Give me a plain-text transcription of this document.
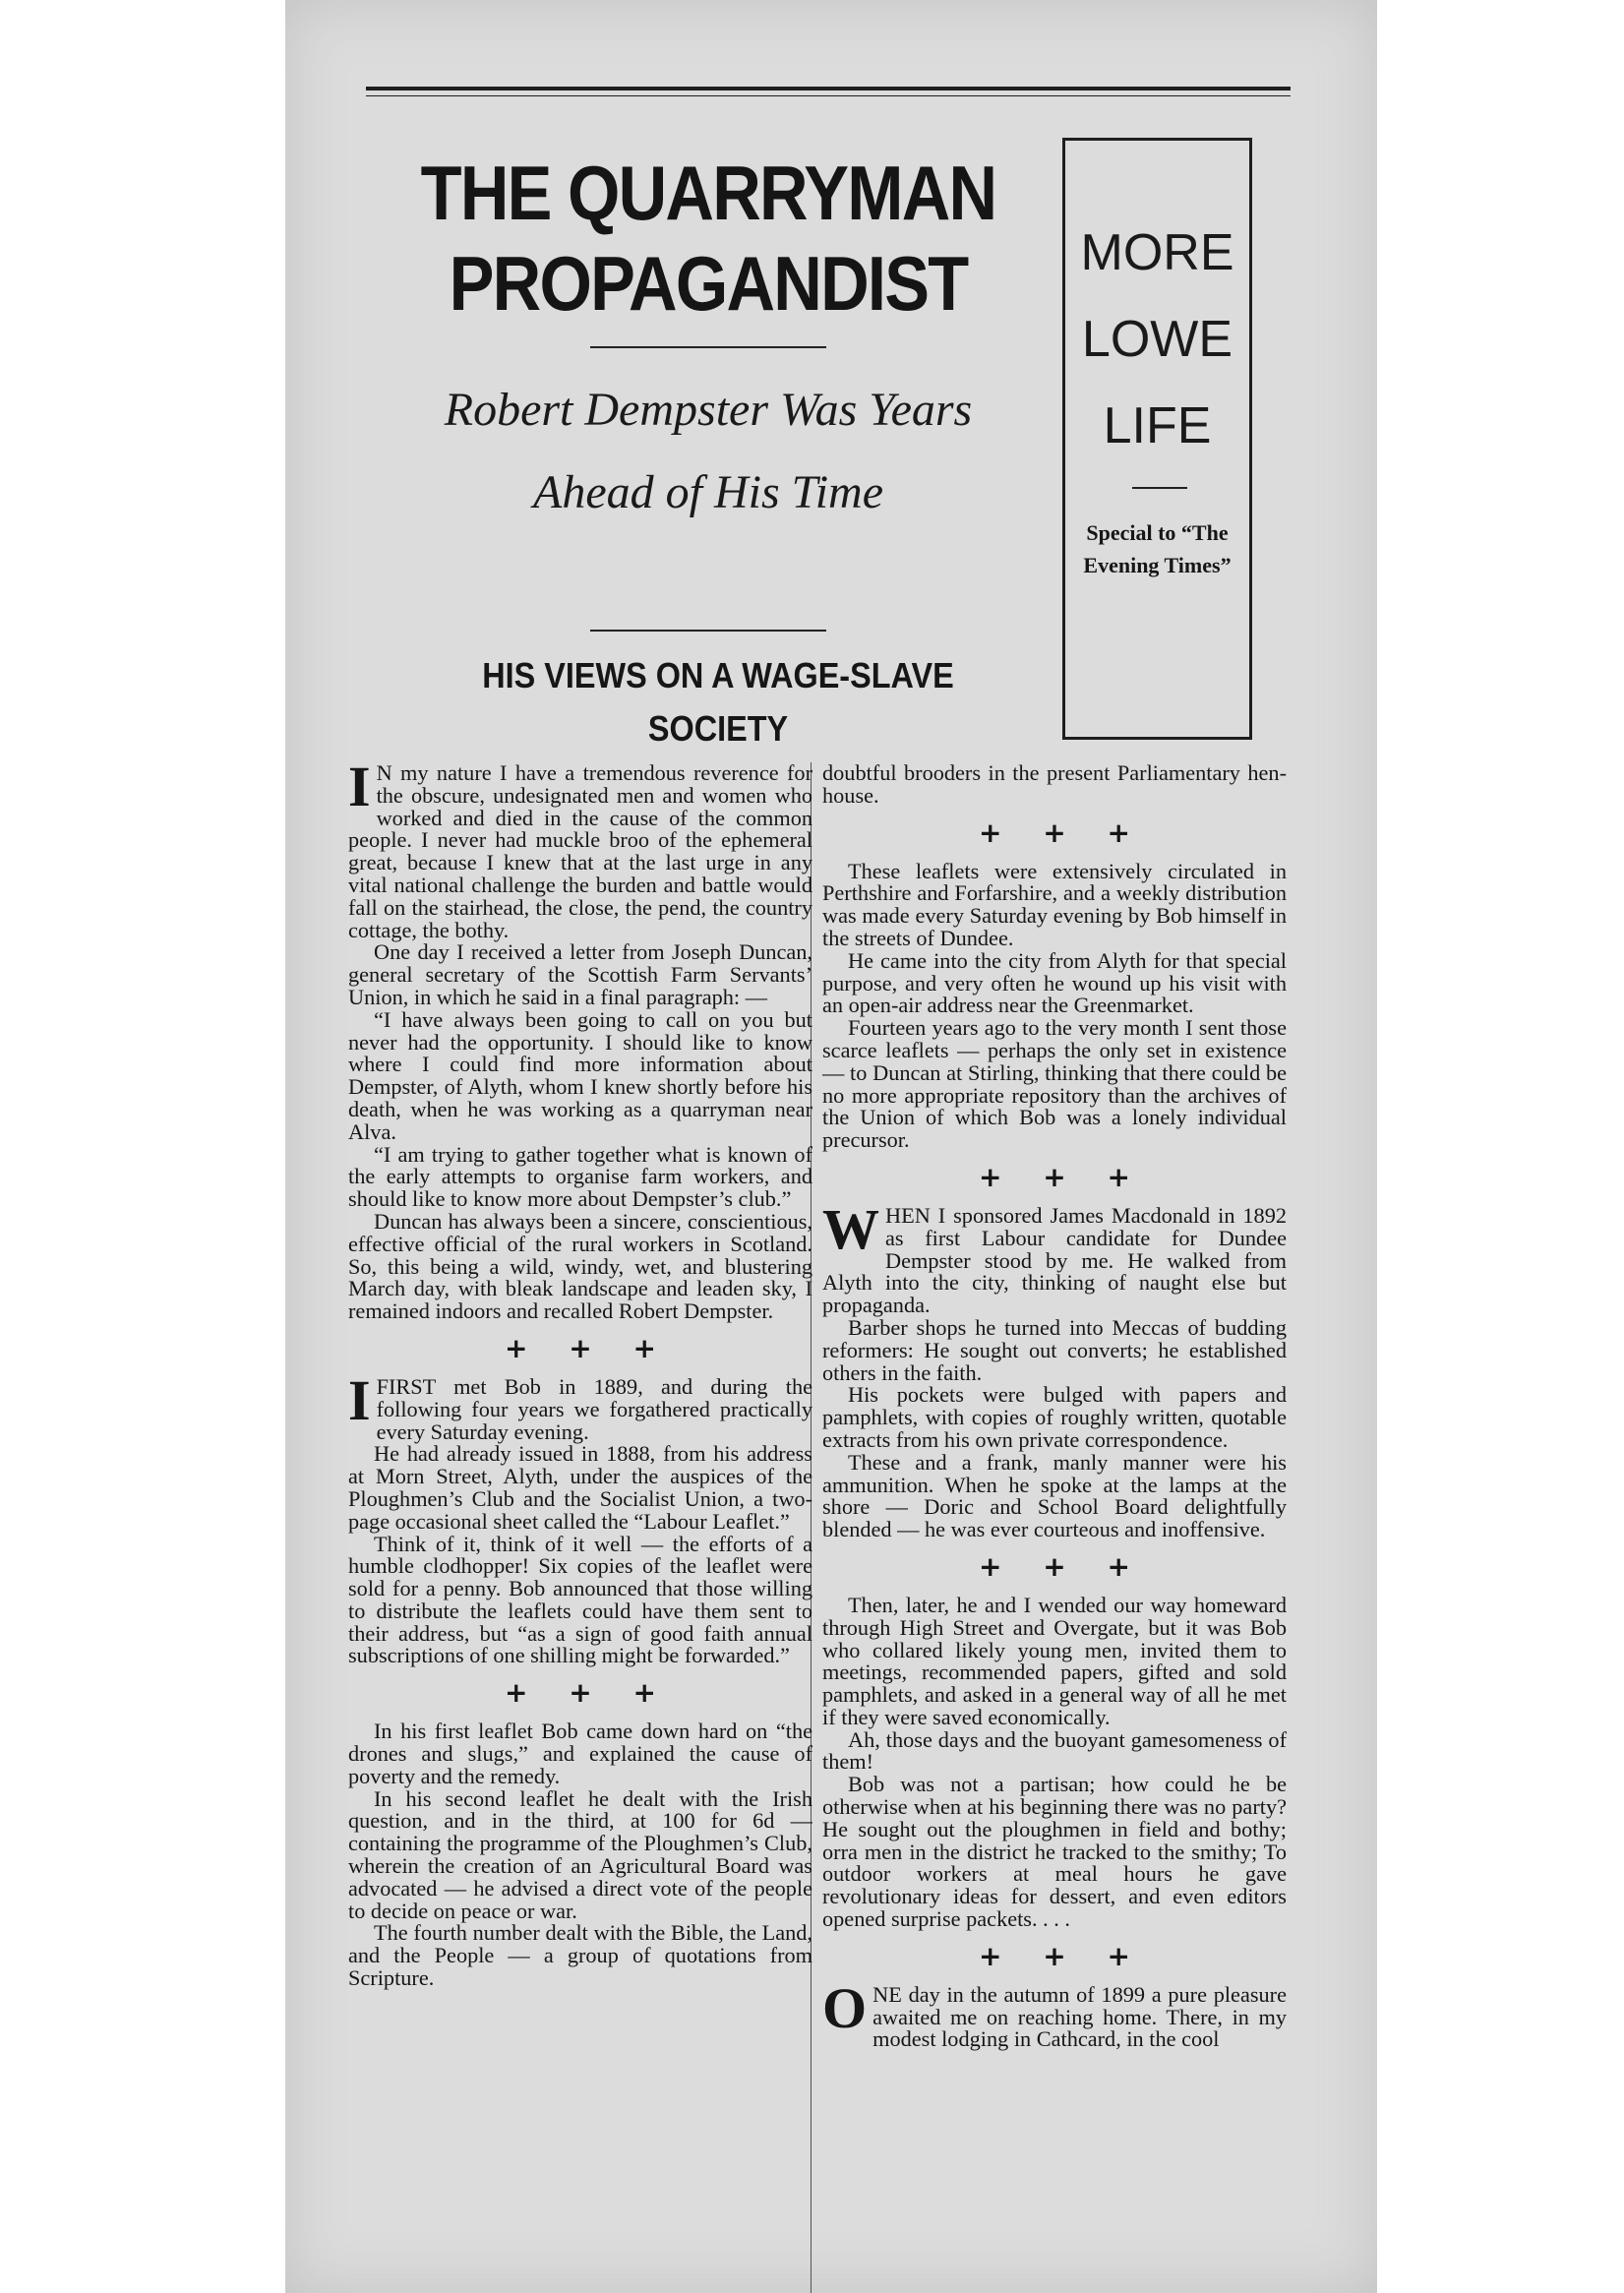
THE QUARRYMAN PROPAGANDIST
Robert Dempster Was Years Ahead of His Time
HIS VIEWS ON A WAGE-SLAVE SOCIETY
MORE LOWE LIFE
Special to “The Evening Times”

I N my nature I have a tremendous reverence for the obscure, undesignated men and women who worked and died in the cause of the common people. I never had muckle broo of the ephemeral great, because I knew that at the last urge in any vital national challenge the burden and battle would fall on the stairhead, the close, the pend, the country cottage, the bothy.

One day I received a letter from Joseph Duncan, general secretary of the Scottish Farm Servants’ Union, in which he said in a final paragraph: —

“I have always been going to call on you but never had the opportunity. I should like to know where I could find more information about Dempster, of Alyth, whom I knew shortly before his death, when he was working as a quarryman near Alva.

“I am trying to gather together what is known of the early attempts to organise farm workers, and should like to know more about Dempster’s club.”

Duncan has always been a sincere, conscientious, effective official of the rural workers in Scotland. So, this being a wild, windy, wet, and blustering March day, with bleak landscape and leaden sky, I remained indoors and recalled Robert Dempster.

+ + +

IFIRST met Bob in 1889, and during the following four years we forgathered practically every Saturday evening.

He had already issued in 1888, from his address at Morn Street, Alyth, under the auspices of the Ploughmen’s Club and the Socialist Union, a two-page occasional sheet called the “Labour Leaflet.”

Think of it, think of it well — the efforts of a humble clodhopper! Six copies of the leaflet were sold for a penny. Bob announced that those willing to distribute the leaflets could have them sent to their address, but “as a sign of good faith annual subscriptions of one shilling might be forwarded.”

+ + +

In his first leaflet Bob came down hard on “the drones and slugs,” and explained the cause of poverty and the remedy.

In his second leaflet he dealt with the Irish question, and in the third, at 100 for 6d — containing the programme of the Ploughmen’s Club, wherein the creation of an Agricultural Board was advocated — he advised a direct vote of the people to decide on peace or war.

The fourth number dealt with the Bible, the Land, and the People — a group of quotations from Scripture.

doubtful brooders in the present Parliamentary hen-house.

+ + +

These leaflets were extensively circulated in Perthshire and Forfarshire, and a weekly distribution was made every Saturday evening by Bob himself in the streets of Dundee.

He came into the city from Alyth for that special purpose, and very often he wound up his visit with an open-air address near the Greenmarket.

Fourteen years ago to the very month I sent those scarce leaflets — perhaps the only set in existence — to Duncan at Stirling, thinking that there could be no more appropriate repository than the archives of the Union of which Bob was a lonely individual precursor.

+ + +

WHEN I sponsored James Macdonald in 1892 as first Labour candidate for Dundee Dempster stood by me. He walked from Alyth into the city, thinking of naught else but propaganda.

Barber shops he turned into Meccas of budding reformers: He sought out converts; he established others in the faith.

His pockets were bulged with papers and pamphlets, with copies of roughly written, quotable extracts from his own private correspondence.

These and a frank, manly manner were his ammunition. When he spoke at the lamps at the shore — Doric and School Board delightfully blended — he was ever courteous and inoffensive.

+ + +

Then, later, he and I wended our way homeward through High Street and Overgate, but it was Bob who collared likely young men, invited them to meetings, recommended papers, gifted and sold pamphlets, and asked in a general way of all he met if they were saved economically.

Ah, those days and the buoyant gamesomeness of them!

Bob was not a partisan; how could he be otherwise when at his beginning there was no party? He sought out the ploughmen in field and bothy; orra men in the district he tracked to the smithy; To outdoor workers at meal hours he gave revolutionary ideas for dessert, and even editors opened surprise packets. . . .

+ + +

ONE day in the autumn of 1899 a pure pleasure awaited me on reaching home. There, in my modest lodging in Cathcard, in the cool
